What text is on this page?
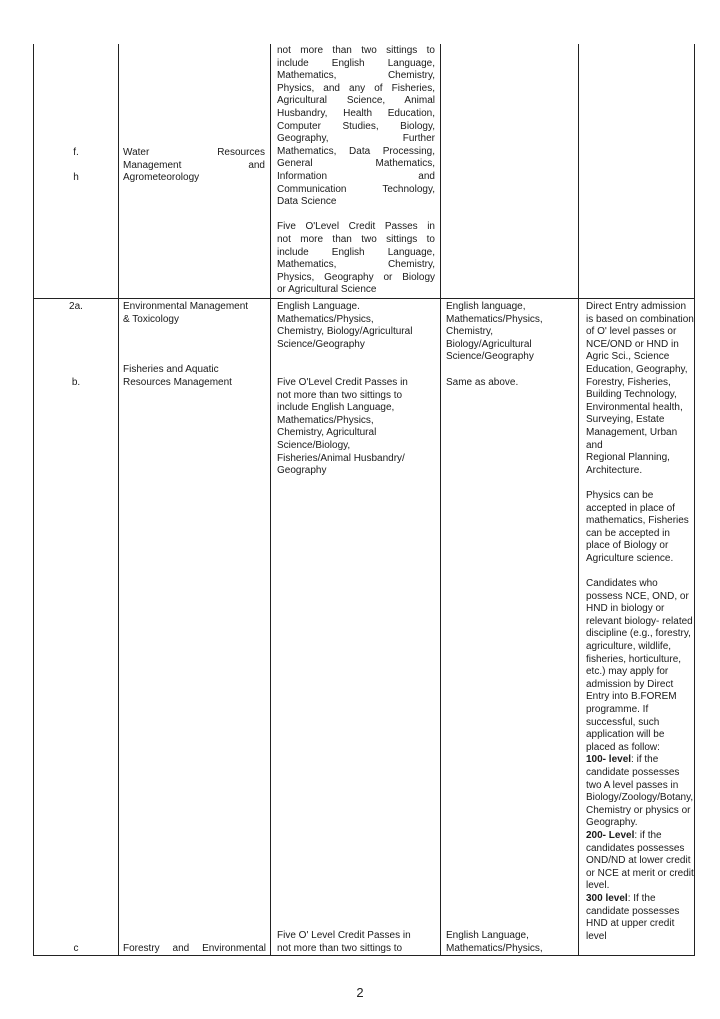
f.
h
Water	Resources
Management	and
Agrometeorology
not more than two sittings to
include English Language,
Mathematics, Chemistry,
Physics, and any of Fisheries,
Agricultural Science, Animal
Husbandry, Health Education,
Computer Studies, Biology,
Geography, Further
Mathematics, Data Processing,
General Mathematics,
Information and
Communication Technology,
Data Science
Five O'Level Credit Passes in
not more than two sittings to
include English Language,
Mathematics, Chemistry,
Physics, Geography or Biology
or Agricultural Science
2a.
b.
c
Environmental Management
& Toxicology
Fisheries and Aquatic
Resources Management
Forestry and Environmental
English Language.
Mathematics/Physics,
Chemistry, Biology/Agricultural
Science/Geography
Five O'Level Credit Passes in
not more than two sittings to
include English Language,
Mathematics/Physics,
Chemistry, Agricultural
Science/Biology,
Fisheries/Animal Husbandry/
Geography
Five O' Level Credit Passes in
not more than two sittings to
English language,
Mathematics/Physics,
Chemistry,
Biology/Agricultural
Science/Geography
Same as above.
English Language,
Mathematics/Physics,
Direct Entry admission
is based on combination
of O' level passes or
NCE/OND or HND in
Agric Sci., Science
Education, Geography,
Forestry, Fisheries,
Building Technology,
Environmental health,
Surveying, Estate
Management, Urban and
Regional Planning,
Architecture.
Physics can be
accepted in place of
mathematics, Fisheries
can be accepted in
place of Biology or
Agriculture science.
Candidates who
possess NCE, OND, or
HND in biology or
relevant biology- related
discipline (e.g., forestry,
agriculture, wildlife,
fisheries, horticulture,
etc.) may apply for
admission by Direct
Entry into B.FOREM
programme. If
successful, such
application will be
placed as follow:
100- level: if the
candidate possesses
two A level passes in
Biology/Zoology/Botany,
Chemistry or physics or
Geography.
200- Level: if the
candidates possesses
OND/ND at lower credit
or NCE at merit or credit
level.
300 level: If the
candidate possesses
HND at upper credit
level
2
